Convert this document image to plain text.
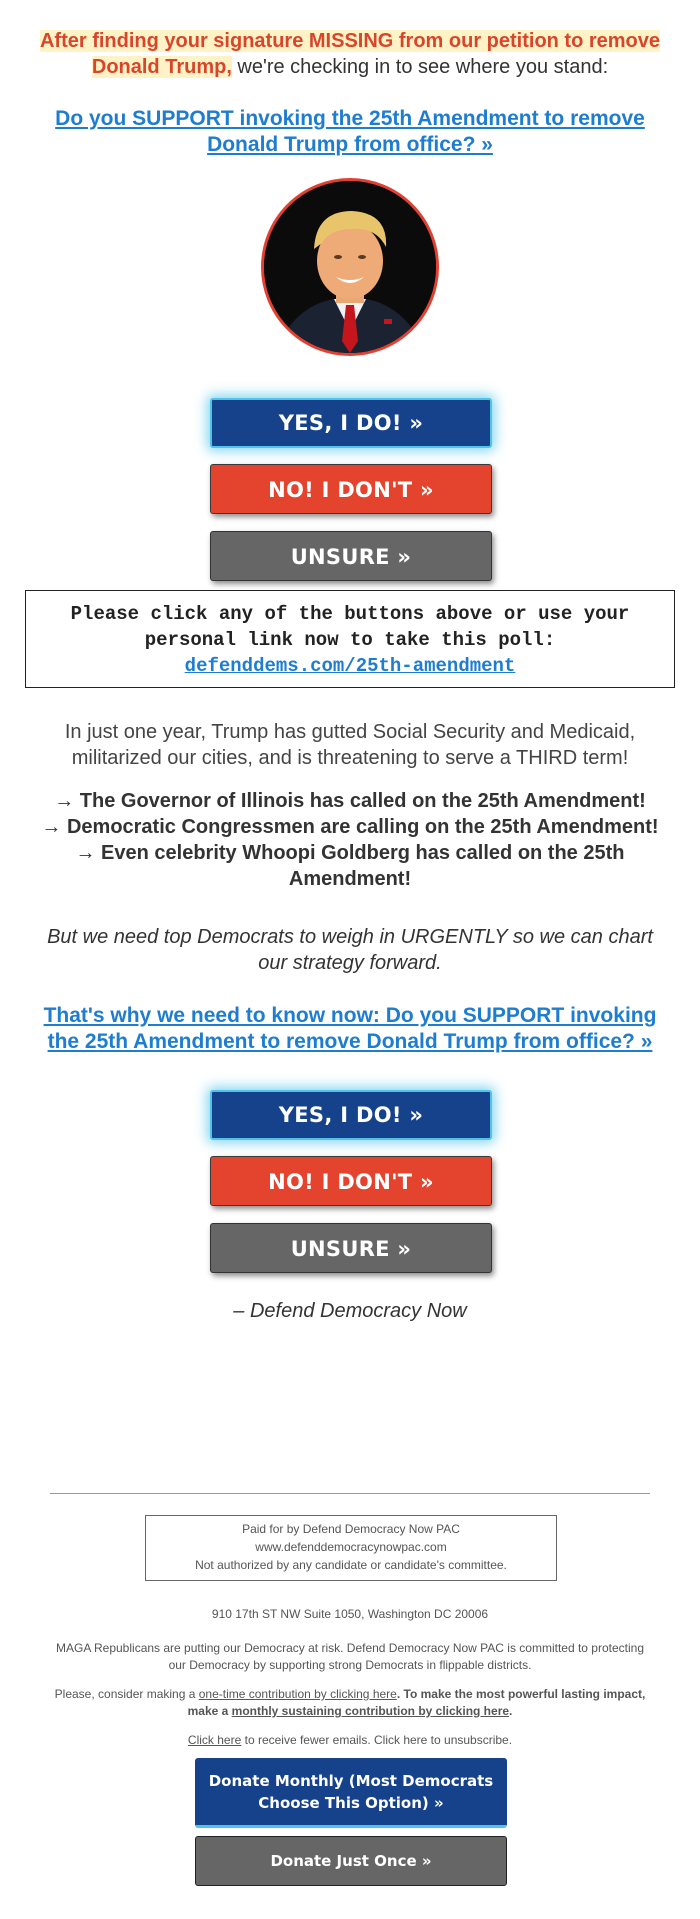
After finding your signature MISSING from our petition to remove Donald Trump, we're checking in to see where you stand:
Do you SUPPORT invoking the 25th Amendment to remove Donald Trump from office? »
YES, I DO! »
NO! I DON'T »
UNSURE »
Please click any of the buttons above or use your personal link now to take this poll:
defenddems.com/25th-amendment
In just one year, Trump has gutted Social Security and Medicaid, militarized our cities, and is threatening to serve a THIRD term!
→ The Governor of Illinois has called on the 25th Amendment!
→ Democratic Congressmen are calling on the 25th Amendment!
→ Even celebrity Whoopi Goldberg has called on the 25th Amendment!
But we need top Democrats to weigh in URGENTLY so we can chart our strategy forward.
That's why we need to know now: Do you SUPPORT invoking the 25th Amendment to remove Donald Trump from office? »
YES, I DO! »
NO! I DON'T »
UNSURE »
– Defend Democracy Now
Paid for by Defend Democracy Now PAC
www.defenddemocracynowpac.com
Not authorized by any candidate or candidate's committee.
910 17th ST NW Suite 1050, Washington DC 20006
MAGA Republicans are putting our Democracy at risk. Defend Democracy Now PAC is committed to protecting our Democracy by supporting strong Democrats in flippable districts.
Please, consider making a one-time contribution by clicking here. To make the most powerful lasting impact, make a monthly sustaining contribution by clicking here.
Click here to receive fewer emails. Click here to unsubscribe.
Donate Monthly (Most Democrats Choose This Option) »
Donate Just Once »
